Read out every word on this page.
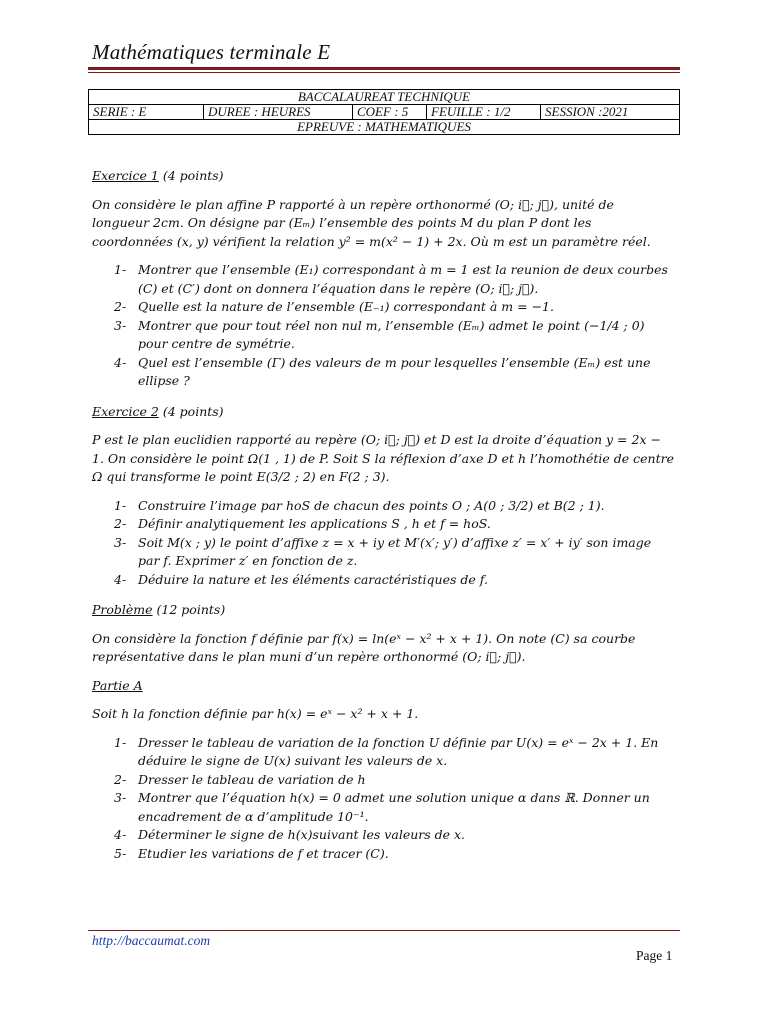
Mathématiques terminale E
BACCALAUREAT TECHNIQUE
SERIE : E	DUREE : HEURES	COEF : 5	FEUILLE : 1/2	SESSION :2021
EPREUVE : MATHEMATIQUES

Exercice 1 (4 points)

On considère le plan affine P rapporté à un repère orthonormé (O; i⃗; j⃗), unité de longueur 2cm. On désigne par (Eₘ) l’ensemble des points M du plan P dont les coordonnées (x, y) vérifient la relation y² = m(x² − 1) + 2x. Où m est un paramètre réel.

1- Montrer que l’ensemble (E₁) correspondant à m = 1 est la reunion de deux courbes (C) et (C′) dont on donnera l’équation dans le repère (O; i⃗; j⃗).
2- Quelle est la nature de l’ensemble (E₋₁) correspondant à m = −1.
3- Montrer que pour tout réel non nul m, l’ensemble (Eₘ) admet le point (−1/4 ; 0) pour centre de symétrie.
4- Quel est l’ensemble (Γ) des valeurs de m pour lesquelles l’ensemble (Eₘ) est une ellipse ?

Exercice 2 (4 points)

P est le plan euclidien rapporté au repère (O; i⃗; j⃗) et D est la droite d’équation y = 2x − 1. On considère le point Ω(1 , 1) de P. Soit S la réflexion d’axe D et h l’homothétie de centre Ω qui transforme le point E(3/2 ; 2) en F(2 ; 3).

1- Construire l’image par hoS de chacun des points O ; A(0 ; 3/2) et B(2 ; 1).
2- Définir analytiquement les applications S , h et f = hoS.
3- Soit M(x ; y) le point d’affixe z = x + iy et M′(x′; y′) d’affixe z′ = x′ + iy′ son image par f. Exprimer z′ en fonction de z.
4- Déduire la nature et les éléments caractéristiques de f.

Problème (12 points)

On considère la fonction f définie par f(x) = ln(eˣ − x² + x + 1). On note (C) sa courbe représentative dans le plan muni d’un repère orthonormé (O; i⃗; j⃗).

Partie A

Soit h la fonction définie par h(x) = eˣ − x² + x + 1.

1- Dresser le tableau de variation de la fonction U définie par U(x) = eˣ − 2x + 1. En déduire le signe de U(x) suivant les valeurs de x.
2- Dresser le tableau de variation de h
3- Montrer que l’équation h(x) = 0 admet une solution unique α dans ℝ. Donner un encadrement de α d’amplitude 10⁻¹.
4- Déterminer le signe de h(x)suivant les valeurs de x.
5- Etudier les variations de f et tracer (C).
http://baccaumat.com
Page 1
